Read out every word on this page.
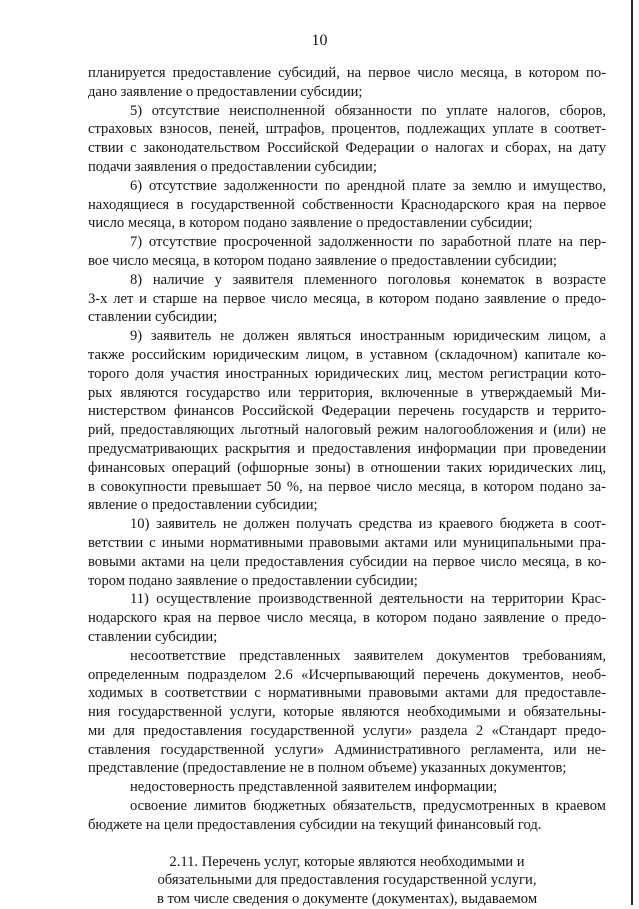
10
планируется предоставление субсидий, на первое число месяца, в котором по-
дано заявление о предоставлении субсидии;
5) отсутствие неисполненной обязанности по уплате налогов, сборов,
страховых взносов, пеней, штрафов, процентов, подлежащих уплате в соответ-
ствии с законодательством Российской Федерации о налогах и сборах, на дату
подачи заявления о предоставлении субсидии;
6) отсутствие задолженности по арендной плате за землю и имущество,
находящиеся в государственной собственности Краснодарского края на первое
число месяца, в котором подано заявление о предоставлении субсидии;
7) отсутствие просроченной задолженности по заработной плате на пер-
вое число месяца, в котором подано заявление о предоставлении субсидии;
8) наличие у заявителя племенного поголовья конематок в возрасте
3-х лет и старше на первое число месяца, в котором подано заявление о предо-
ставлении субсидии;
9) заявитель не должен являться иностранным юридическим лицом, а
также российским юридическим лицом, в уставном (складочном) капитале ко-
торого доля участия иностранных юридических лиц, местом регистрации кото-
рых являются государство или территория, включенные в утверждаемый Ми-
нистерством финансов Российской Федерации перечень государств и террито-
рий, предоставляющих льготный налоговый режим налогообложения и (или) не
предусматривающих раскрытия и предоставления информации при проведении
финансовых операций (офшорные зоны) в отношении таких юридических лиц,
в совокупности превышает 50 %, на первое число месяца, в котором подано за-
явление о предоставлении субсидии;
10) заявитель не должен получать средства из краевого бюджета в соот-
ветствии с иными нормативными правовыми актами или муниципальными пра-
вовыми актами на цели предоставления субсидии на первое число месяца, в ко-
тором подано заявление о предоставлении субсидии;
11) осуществление производственной деятельности на территории Крас-
нодарского края на первое число месяца, в котором подано заявление о предо-
ставлении субсидии;
несоответствие представленных заявителем документов требованиям,
определенным подразделом 2.6 «Исчерпывающий перечень документов, необ-
ходимых в соответствии с нормативными правовыми актами для предоставле-
ния государственной услуги, которые являются необходимыми и обязательны-
ми для предоставления государственной услуги» раздела 2 «Стандарт предо-
ставления государственной услуги» Административного регламента, или не-
представление (предоставление не в полном объеме) указанных документов;
недостоверность представленной заявителем информации;
освоение лимитов бюджетных обязательств, предусмотренных в краевом
бюджете на цели предоставления субсидии на текущий финансовый год.
2.11. Перечень услуг, которые являются необходимыми и
обязательными для предоставления государственной услуги,
в том числе сведения о документе (документах), выдаваемом
